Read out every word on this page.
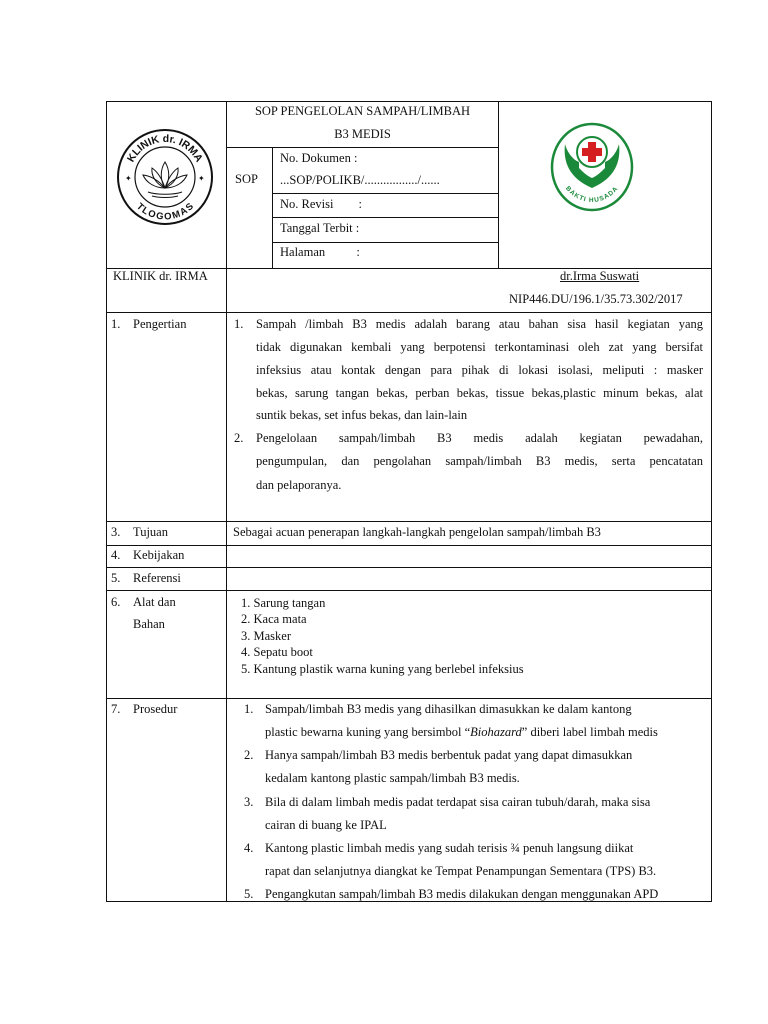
KLINIK dr. IRMA
TLOGOMAS
✦	✦
BAKTI HUSADA
SOP PENGELOLAN SAMPAH/LIMBAH
B3 MEDIS
SOP
No. Dokumen :
...SOP/POLIKB/................./......
No. Revisi        :
Tanggal Terbit :
Halaman          :
KLINIK dr. IRMA	dr.Irma Suswati
NIP446.DU/196.1/35.73.302/2017
1. Pengertian	1. Sampah /limbah B3 medis adalah barang atau bahan sisa hasil kegiatan yang
tidak digunakan kembali yang berpotensi terkontaminasi oleh zat yang bersifat
infeksius atau kontak dengan para pihak di lokasi isolasi, meliputi : masker
bekas, sarung tangan bekas, perban bekas, tissue bekas,plastic minum bekas, alat
suntik bekas, set infus bekas, dan lain-lain
2. Pengelolaan sampah/limbah B3 medis adalah kegiatan pewadahan,
pengumpulan, dan pengolahan sampah/limbah B3 medis, serta pencatatan
dan pelaporanya.
3. Tujuan	Sebagai acuan penerapan langkah-langkah pengelolan sampah/limbah B3
4. Kebijakan
5. Referensi
6. Alat dan
Bahan
1. Sarung tangan
2. Kaca mata
3. Masker
4. Sepatu boot
5. Kantung plastik warna kuning yang berlebel infeksius
7. Prosedur	1. Sampah/limbah B3 medis yang dihasilkan dimasukkan ke dalam kantong
plastic bewarna kuning yang bersimbol “Biohazard” diberi label limbah medis
2. Hanya sampah/limbah B3 medis berbentuk padat yang dapat dimasukkan
kedalam kantong plastic sampah/limbah B3 medis.
3. Bila di dalam limbah medis padat terdapat sisa cairan tubuh/darah, maka sisa
cairan di buang ke IPAL
4. Kantong plastic limbah medis yang sudah terisis ¾ penuh langsung diikat
rapat dan selanjutnya diangkat ke Tempat Penampungan Sementara (TPS) B3.
5. Pengangkutan sampah/limbah B3 medis dilakukan dengan menggunakan APD
